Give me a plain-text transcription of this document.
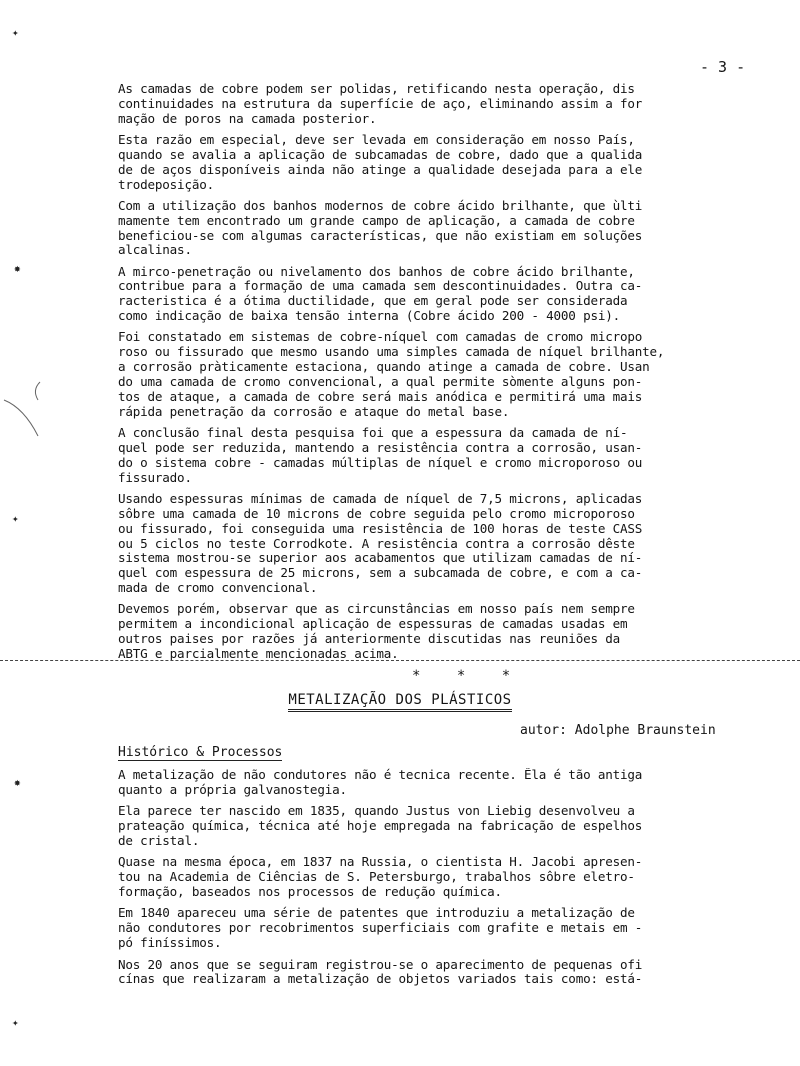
✦
✸
✦
✸
✦
- 3 -

As camadas de cobre podem ser polidas, retificando nesta operação, dis
continuidades na estrutura da superfície de aço, eliminando assim a for
mação de poros na camada posterior.

Esta razão em especial, deve ser levada em consideração em nosso País,
quando se avalia a aplicação de subcamadas de cobre, dado que a qualida
de de aços disponíveis ainda não atinge a qualidade desejada para a ele
trodeposição.

Com a utilização dos banhos modernos de cobre ácido brilhante, que ùlti
mamente tem encontrado um grande campo de aplicação, a camada de cobre
beneficiou-se com algumas características, que não existiam em soluções
alcalinas.

A mirco-penetração ou nivelamento dos banhos de cobre ácido brilhante,
contribue para a formação de uma camada sem descontinuidades. Outra ca-
racteristica é a ótima ductilidade, que em geral pode ser considerada
como indicação de baixa tensão interna (Cobre ácido 200 - 4000 psi).

Foi constatado em sistemas de cobre-níquel com camadas de cromo micropo
roso ou fissurado que mesmo usando uma simples camada de níquel brilhante,
a corrosão pràticamente estaciona, quando atinge a camada de cobre. Usan
do uma camada de cromo convencional, a qual permite sòmente alguns pon-
tos de ataque, a camada de cobre será mais anódica e permitirá uma mais
rápida penetração da corrosão e ataque do metal base.

A conclusão final desta pesquisa foi que a espessura da camada de ní-
quel pode ser reduzida, mantendo a resistência contra a corrosão, usan-
do o sistema cobre - camadas múltiplas de níquel e cromo microporoso ou
fissurado.

Usando espessuras mínimas de camada de níquel de 7,5 microns, aplicadas
sôbre uma camada de 10 microns de cobre seguida pelo cromo microporoso
ou fissurado, foi conseguida uma resistência de 100 horas de teste CASS
ou 5 ciclos no teste Corrodkote. A resistência contra a corrosão dêste
sistema mostrou-se superior aos acabamentos que utilizam camadas de ní-
quel com espessura de 25 microns, sem a subcamada de cobre, e com a ca-
mada de cromo convencional.

Devemos porém, observar que as circunstâncias em nosso país nem sempre
permitem a incondicional aplicação de espessuras de camadas usadas em
outros paises por razões já anteriormente discutidas nas reuniões da
ABTG e parcialmente mencionadas acima.

* * *
METALIZAÇÃO DOS PLÁSTICOS
autor: Adolphe Braunstein
Histórico & Processos

A metalização de não condutores não é tecnica recente. Êla é tão antiga
quanto a própria galvanostegia.

Ela parece ter nascido em 1835, quando Justus von Liebig desenvolveu a
prateação química, técnica até hoje empregada na fabricação de espelhos
de cristal.

Quase na mesma época, em 1837 na Russia, o cientista H. Jacobi apresen-
tou na Academia de Ciências de S. Petersburgo, trabalhos sôbre eletro-
formação, baseados nos processos de redução química.

Em 1840 apareceu uma série de patentes que introduziu a metalização de
não condutores por recobrimentos superficiais com grafite e metais em -
pó finíssimos.

Nos 20 anos que se seguiram registrou-se o aparecimento de pequenas ofi
cínas que realizaram a metalização de objetos variados tais como: está-
